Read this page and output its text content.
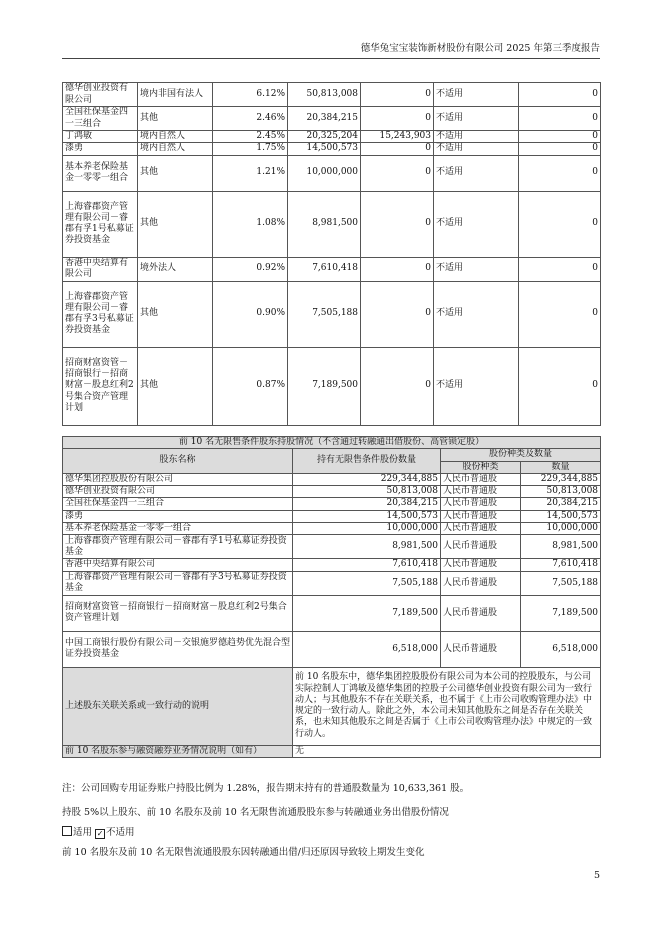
德华兔宝宝装饰新材股份有限公司 2025 年第三季度报告
德华创业投资有限公司	境内非国有法人	6.12%	50,813,008	0	不适用	0
全国社保基金四一三组合	其他	2.46%	20,384,215	0	不适用	0
丁鸿敏	境内自然人	2.45%	20,325,204	15,243,903	不适用	0
漆勇	境内自然人	1.75%	14,500,573	0	不适用	0
基本养老保险基金一零零一组合	其他	1.21%	10,000,000	0	不适用	0
上海睿郡资产管理有限公司－睿郡有孚1号私募证券投资基金	其他	1.08%	8,981,500	0	不适用	0
香港中央结算有限公司	境外法人	0.92%	7,610,418	0	不适用	0
上海睿郡资产管理有限公司－睿郡有孚3号私募证券投资基金	其他	0.90%	7,505,188	0	不适用	0
招商财富资管－招商银行－招商财富－股息红利2号集合资产管理计划	其他	0.87%	7,189,500	0	不适用	0
前 10 名无限售条件股东持股情况（不含通过转融通出借股份、高管锁定股）			
股东名称	持有无限售条件股份数量	股份种类及数量	
		股份种类	数量
德华集团控股股份有限公司	229,344,885	人民币普通股	229,344,885
德华创业投资有限公司	50,813,008	人民币普通股	50,813,008
全国社保基金四一三组合	20,384,215	人民币普通股	20,384,215
漆勇	14,500,573	人民币普通股	14,500,573
基本养老保险基金一零零一组合	10,000,000	人民币普通股	10,000,000
上海睿郡资产管理有限公司－睿郡有孚1号私募证券投资基金	8,981,500	人民币普通股	8,981,500
香港中央结算有限公司	7,610,418	人民币普通股	7,610,418
上海睿郡资产管理有限公司－睿郡有孚3号私募证券投资基金	7,505,188	人民币普通股	7,505,188
招商财富资管－招商银行－招商财富－股息红利2号集合资产管理计划	7,189,500	人民币普通股	7,189,500
中国工商银行股份有限公司－交银施罗德趋势优先混合型证券投资基金	6,518,000	人民币普通股	6,518,000
上述股东关联关系或一致行动的说明	前 10 名股东中，德华集团控股股份有限公司为本公司的控股股东，与公司实际控制人丁鸿敏及德华集团的控股子公司德华创业投资有限公司为一致行动人；与其他股东不存在关联关系，也不属于《上市公司收购管理办法》中规定的一致行动人。除此之外，本公司未知其他股东之间是否存在关联关系，也未知其他股东之间是否属于《上市公司收购管理办法》中规定的一致行动人。		
前 10 名股东参与融资融券业务情况说明（如有）	无		
注：公司回购专用证券账户持股比例为 1.28%，报告期末持有的普通股数量为 10,633,361 股。
持股 5%以上股东、前 10 名股东及前 10 名无限售流通股股东参与转融通业务出借股份情况
适用 ✓ 不适用
前 10 名股东及前 10 名无限售流通股股东因转融通出借/归还原因导致较上期发生变化
5
